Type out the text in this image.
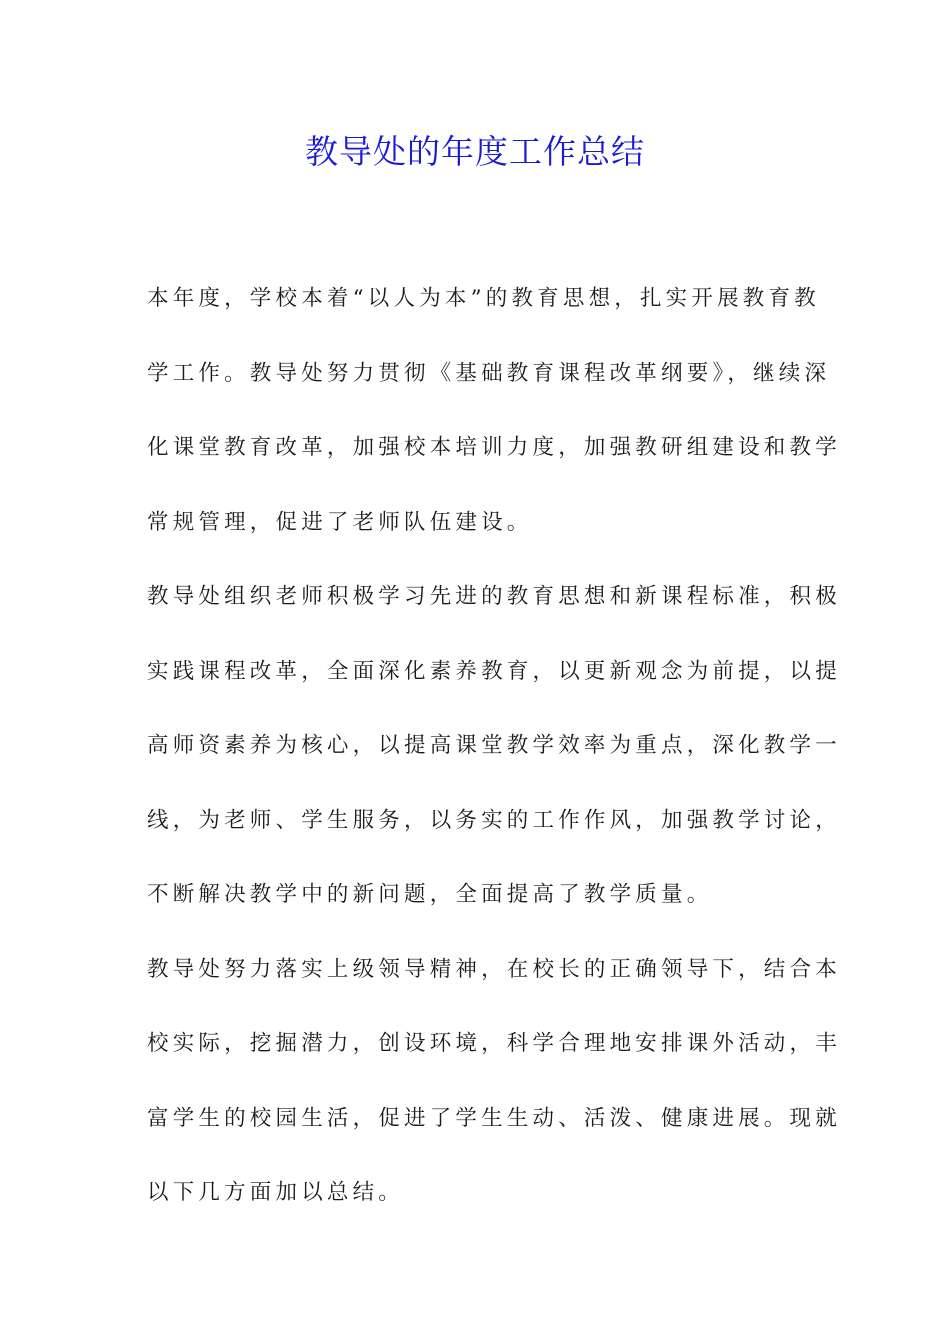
教导处的年度工作总结
本年度，学校本着“以人为本”的教育思想，扎实开展教育教
学工作。教导处努力贯彻《基础教育课程改革纲要》，继续深
化课堂教育改革，加强校本培训力度，加强教研组建设和教学
常规管理，促进了老师队伍建设。
教导处组织老师积极学习先进的教育思想和新课程标准，积极
实践课程改革，全面深化素养教育，以更新观念为前提，以提
高师资素养为核心，以提高课堂教学效率为重点，深化教学一
线，为老师、学生服务，以务实的工作作风，加强教学讨论，
不断解决教学中的新问题，全面提高了教学质量。
教导处努力落实上级领导精神，在校长的正确领导下，结合本
校实际，挖掘潜力，创设环境，科学合理地安排课外活动，丰
富学生的校园生活，促进了学生生动、活泼、健康进展。现就
以下几方面加以总结。
